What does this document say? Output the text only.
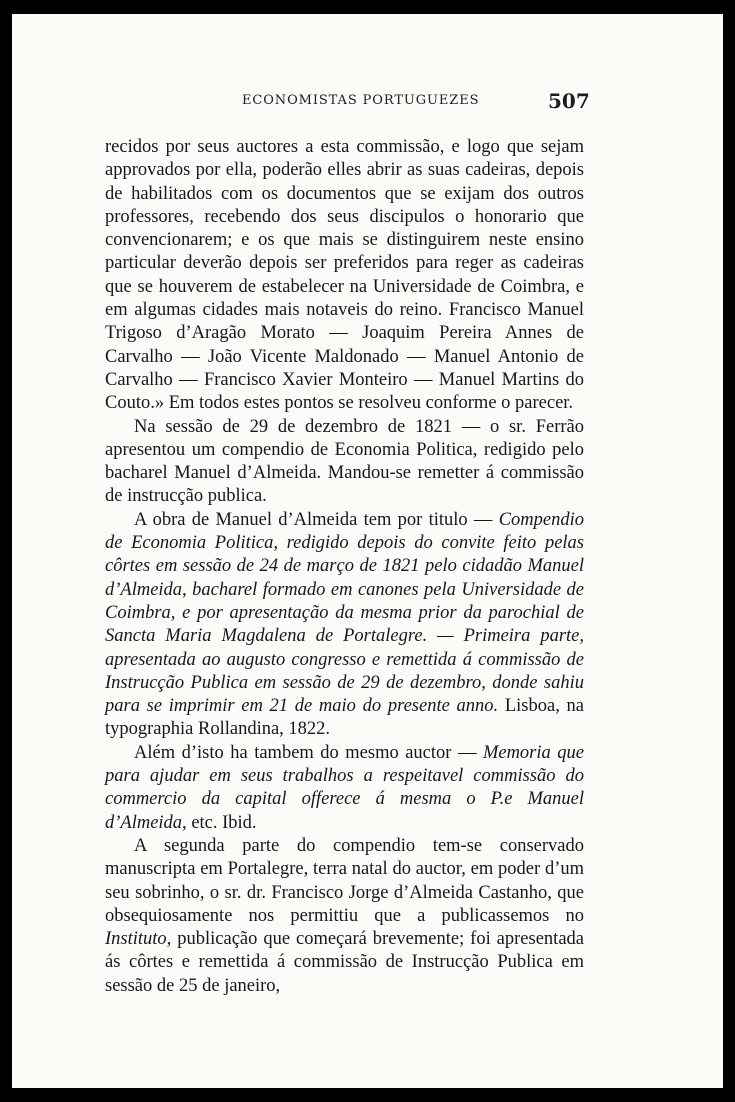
ECONOMISTAS PORTUGUEZES	507

recidos por seus auctores a esta commissão, e logo que sejam approvados por ella, poderão elles abrir as suas cadeiras, depois de habilitados com os documentos que se exijam dos outros professores, recebendo dos seus discipulos o honorario que convencionarem; e os que mais se distinguirem neste ensino particular deverão depois ser preferidos para reger as cadeiras que se houverem de estabelecer na Universidade de Coimbra, e em algumas cidades mais notaveis do reino. Francisco Manuel Trigoso d’Aragão Morato — Joaquim Pereira Annes de Carvalho — João Vicente Maldonado — Manuel Antonio de Carvalho — Francisco Xavier Monteiro — Manuel Martins do Couto.» Em todos estes pontos se resolveu conforme o parecer.

Na sessão de 29 de dezembro de 1821 — o sr. Ferrão apresentou um compendio de Economia Politica, redigido pelo bacharel Manuel d’Almeida. Mandou-se remetter á commissão de instrucção publica.

A obra de Manuel d’Almeida tem por titulo — Compendio de Economia Politica, redigido depois do convite feito pelas côrtes em sessão de 24 de março de 1821 pelo cidadão Manuel d’Almeida, bacharel formado em canones pela Universidade de Coimbra, e por apresentação da mesma prior da parochial de Sancta Maria Magdalena de Portalegre. — Primeira parte, apresentada ao augusto congresso e remettida á commissão de Instrucção Publica em sessão de 29 de dezembro, donde sahiu para se imprimir em 21 de maio do presente anno. Lisboa, na typographia Rollandina, 1822.

Além d’isto ha tambem do mesmo auctor — Memoria que para ajudar em seus trabalhos a respeitavel commissão do commercio da capital offerece á mesma o P.e Manuel d’Almeida, etc. Ibid.

A segunda parte do compendio tem-se conservado manuscripta em Portalegre, terra natal do auctor, em poder d’um seu sobrinho, o sr. dr. Francisco Jorge d’Almeida Castanho, que obsequiosamente nos permittiu que a publicassemos no Instituto, publicação que começará brevemente; foi apresentada ás côrtes e remettida á commissão de Instrucção Publica em sessão de 25 de janeiro,
